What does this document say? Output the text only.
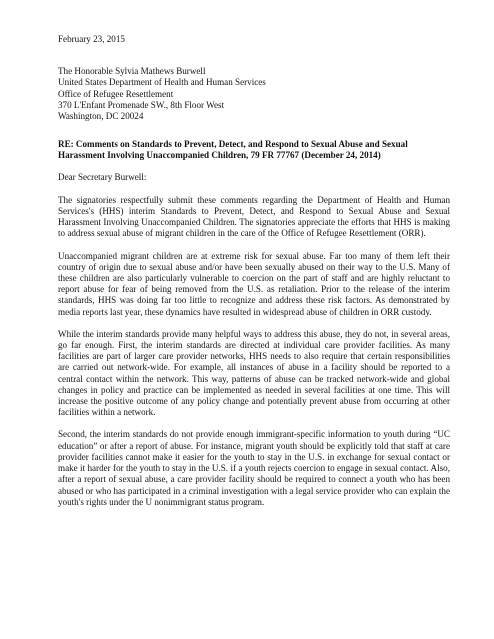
February 23, 2015
The Honorable Sylvia Mathews Burwell
United States Department of Health and Human Services
Office of Refugee Resettlement
370 L'Enfant Promenade SW., 8th Floor West
Washington, DC 20024
RE: Comments on Standards to Prevent, Detect, and Respond to Sexual Abuse and Sexual Harassment Involving Unaccompanied Children, 79 FR 77767 (December 24, 2014)
Dear Secretary Burwell:

The signatories respectfully submit these comments regarding the Department of Health and Human Services's (HHS) interim Standards to Prevent, Detect, and Respond to Sexual Abuse and Sexual Harassment Involving Unaccompanied Children. The signatories appreciate the efforts that HHS is making to address sexual abuse of migrant children in the care of the Office of Refugee Resettlement (ORR).

Unaccompanied migrant children are at extreme risk for sexual abuse. Far too many of them left their country of origin due to sexual abuse and/or have been sexually abused on their way to the U.S. Many of these children are also particularly vulnerable to coercion on the part of staff and are highly reluctant to report abuse for fear of being removed from the U.S. as retaliation. Prior to the release of the interim standards, HHS was doing far too little to recognize and address these risk factors. As demonstrated by media reports last year, these dynamics have resulted in widespread abuse of children in ORR custody.

While the interim standards provide many helpful ways to address this abuse, they do not, in several areas, go far enough. First, the interim standards are directed at individual care provider facilities. As many facilities are part of larger care provider networks, HHS needs to also require that certain responsibilities are carried out network-wide. For example, all instances of abuse in a facility should be reported to a central contact within the network. This way, patterns of abuse can be tracked network-wide and global changes in policy and practice can be implemented as needed in several facilities at one time. This will increase the positive outcome of any policy change and potentially prevent abuse from occurring at other facilities within a network.

Second, the interim standards do not provide enough immigrant-specific information to youth during “UC education” or after a report of abuse. For instance, migrant youth should be explicitly told that staff at care provider facilities cannot make it easier for the youth to stay in the U.S. in exchange for sexual contact or make it harder for the youth to stay in the U.S. if a youth rejects coercion to engage in sexual contact. Also, after a report of sexual abuse, a care provider facility should be required to connect a youth who has been abused or who has participated in a criminal investigation with a legal service provider who can explain the youth's rights under the U nonimmigrant status program.
